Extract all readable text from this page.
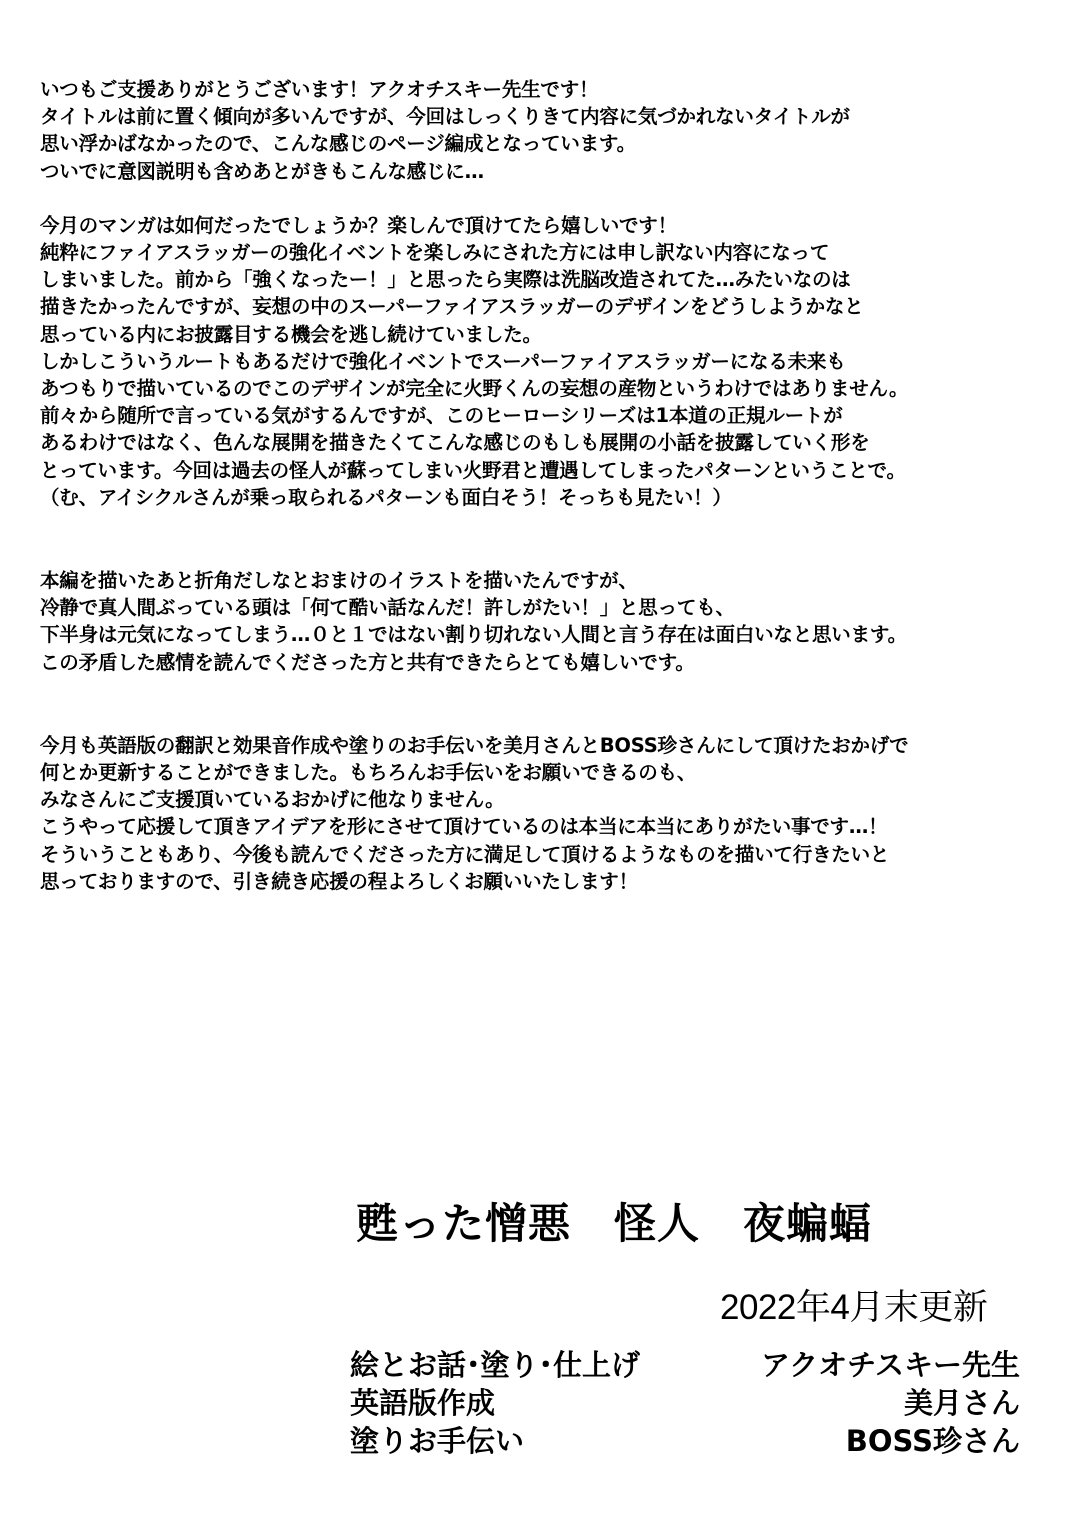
いつもご支援ありがとうございます！アクオチスキー先生です！
タイトルは前に置く傾向が多いんですが、今回はしっくりきて内容に気づかれないタイトルが
思い浮かばなかったので、こんな感じのページ編成となっています。
ついでに意図説明も含めあとがきもこんな感じに…
今月のマンガは如何だったでしょうか？楽しんで頂けてたら嬉しいです！
純粋にファイアスラッガーの強化イベントを楽しみにされた方には申し訳ない内容になって
しまいました。前から「強くなったー！」と思ったら実際は洗脳改造されてた…みたいなのは
描きたかったんですが、妄想の中のスーパーファイアスラッガーのデザインをどうしようかなと
思っている内にお披露目する機会を逃し続けていました。
しかしこういうルートもあるだけで強化イベントでスーパーファイアスラッガーになる未来も
あつもりで描いているのでこのデザインが完全に火野くんの妄想の産物というわけではありません。
前々から随所で言っている気がするんですが、このヒーローシリーズは1本道の正規ルートが
あるわけではなく、色んな展開を描きたくてこんな感じのもしも展開の小話を披露していく形を
とっています。今回は過去の怪人が蘇ってしまい火野君と遭遇してしまったパターンということで。
（む、アイシクルさんが乗っ取られるパターンも面白そう！そっちも見たい！）
本編を描いたあと折角だしなとおまけのイラストを描いたんですが、
冷静で真人間ぶっている頭は「何て酷い話なんだ！許しがたい！」と思っても、
下半身は元気になってしまう…０と１ではない割り切れない人間と言う存在は面白いなと思います。
この矛盾した感情を読んでくださった方と共有できたらとても嬉しいです。
今月も英語版の翻訳と効果音作成や塗りのお手伝いを美月さんとBOSS珍さんにして頂けたおかげで
何とか更新することができました。もちろんお手伝いをお願いできるのも、
みなさんにご支援頂いているおかげに他なりません。
こうやって応援して頂きアイデアを形にさせて頂けているのは本当に本当にありがたい事です…！
そういうこともあり、今後も読んでくださった方に満足して頂けるようなものを描いて行きたいと
思っておりますので、引き続き応援の程よろしくお願いいたします！
甦った憎悪　怪人　夜蝙蝠
2022年4月末更新
絵とお話･塗り･仕上げ	アクオチスキー先生
英語版作成	美月さん
塗りお手伝い	BOSS珍さん
